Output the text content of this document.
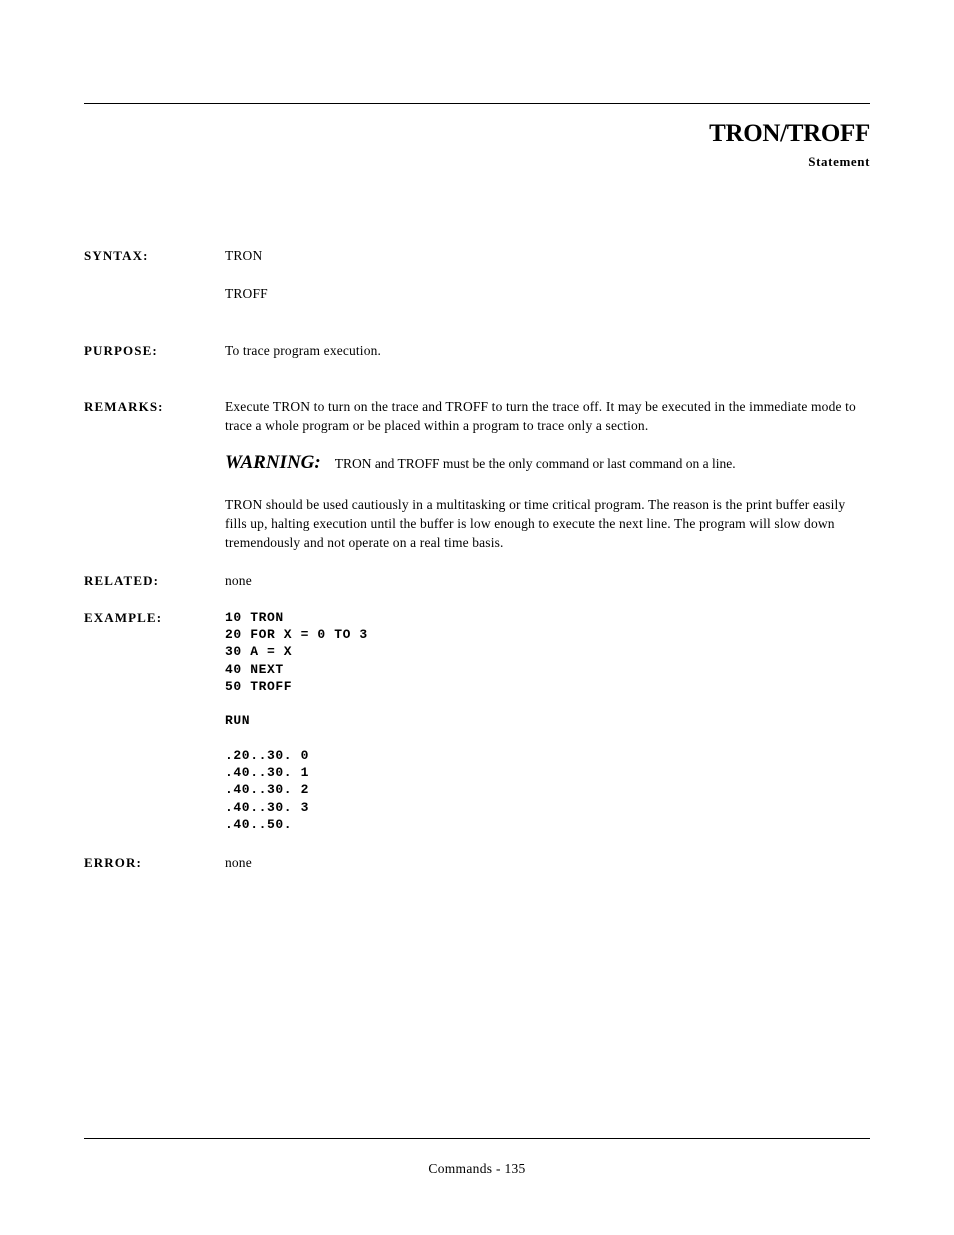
TRON/TROFF
Statement
SYNTAX:	TRON
TROFF
PURPOSE:	To trace program execution.
REMARKS:	Execute TRON to turn on the trace and TROFF to turn the trace off. It may be executed in the immediate mode to trace a whole program or be placed within a program to trace only a section.
WARNING: TRON and TROFF must be the only command or last command on a line.
TRON should be used cautiously in a multitasking or time critical program. The reason is the print buffer easily fills up, halting execution until the buffer is low enough to execute the next line. The program will slow down tremendously and not operate on a real time basis.
RELATED:	none
EXAMPLE:	10 TRON
20 FOR X = 0 TO 3
30 A = X
40 NEXT
50 TROFF
RUN
.20..30. 0
.40..30. 1
.40..30. 2
.40..30. 3
.40..50.
ERROR:	none
Commands - 135
